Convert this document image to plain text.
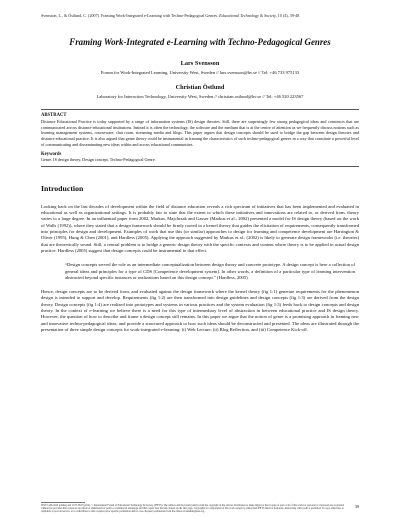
Svensson, L., & Östlund, C. (2007). Framing Work-Integrated e-Learning with Techno-Pedagogical Genres. Educational Technology & Society, 10 (4), 39-48.
Framing Work-Integrated e-Learning with Techno-Pedagogical Genres
Lars Svensson
Forum for Work-Integrated Learning, University West, Sweden // lars.svensson@hv.se // Tel: +46 733 975133
Christian Östlund
Laboratory for Interaction Technology, University West, Sweden // christian.ostlund@hv.se // Tel: +46 520 223567
ABSTRACT
Distance Educational Practice is today supported by a range of information systems (IS) design theories. Still, there are surprisingly few strong pedagogical ideas and constructs that are communicated across distance educational institutions. Instead it is often the technology, the software and the medium that is at the centre of attention as we frequently discuss notions such as learning management systems, courseware, chat room, streaming media and blogs. This paper argues that design concepts should be used to bridge the gap between design theories and distance educational practice. It is also argued that genre theory could be instrumental in framing the characteristics of such techno-pedagogical genres in a way that constitute a powerful level of communicating and disseminating new ideas within and across educational communities.
Keywords
Genre, IS design theory, Design concept, Techno-Pedagogical Genre.
Introduction
Looking back on the last decades of development within the field of distance education reveals a rich spectrum of initiatives that has been implemented and evaluated in educational as well as organizational settings. It is probably fair to state that the extent to which these initiatives and innovations are related to, or derived from, theory varies to a large degree. In an influential paper from 2002, Markus, Majchrzak and Gasser (Markus et al., 2002) presented a model for IS design theory (based on the work of Walls (1992)), where they stated that a design framework should be firmly rooted in a kernel theory that guides the elicitation of requirements, consequently transformed into principles for design and development. Examples of work that use this (or similar) approaches to design for learning and competence development are Harrington & Oliver (1995), Hung & Chen (2001), and Hardless (2005). Applying the approach suggested by Markus et al., (2002) is likely to generate design frameworks (i.e. theories) that are theoretically sound. Still, a central problem is to bridge a generic design theory with the specific contexts and content where theory is to be applied in actual design practice. Hardless (2005) suggest that design concepts could be instrumental to that effect.
“Design concepts served the role as an intermediate conceptualization between design theory and concrete prototype. A design concept is here a collection of general ideas and principles for a type of CDS [Competence development system]. In other words, a definition of a particular type of learning intervention abstracted beyond specific instances or realizations based on this design concept.” (Hardless, 2005)
Hence, design concepts are to be derived from, and evaluated against the design framework where the kernel theory (fig 1:1) generate requirements for the phenomenon design is intended to support and develop. Requirements (fig 1:2) are then transformed into design guidelines and design concepts (fig 1:3) are derived from the design theory. Design concepts (fig 1:4) are realized into prototypes and systems in various practices and the system evaluation (fig 1:5) feeds back to design concepts and design theory. In the context of e-learning we believe there is a need for this type of intermediary level of abstraction in between educational practice and IS design theory. However, the question of how to describe and frame a design concept still remains. In this paper we argue that the notion of genre is a promising approach in framing new and innovative techno-pedagogical ideas, and provide a structured approach to how such ideas should be deconstructed and presented. The ideas are illustrated through the presentation of three simple design concepts for work-integrated e-learning: (i) Web Lecture, (ii) Blog Reflection, and (iii) Competence Kick-off.
ISSN 1436-4522 (online) and 1176-3647 (print). © International Forum of Educational Technology & Society (IFETS). The authors and the forum jointly retain the copyright of the articles. Permission to make digital or hard copies of part or all of this work for personal or classroom use is granted without fee provided that copies are not made or distributed for profit or commercial advantage and that copies bear the full citation on the first page. Copyrights for components of this work owned by others than IFETS must be honoured. Abstracting with credit is permitted. To copy otherwise, to republish, to post on servers, or to redistribute to lists, requires prior specific permission and/or a fee. Request permissions from the editors at kinshuk@ieee.org.
39
